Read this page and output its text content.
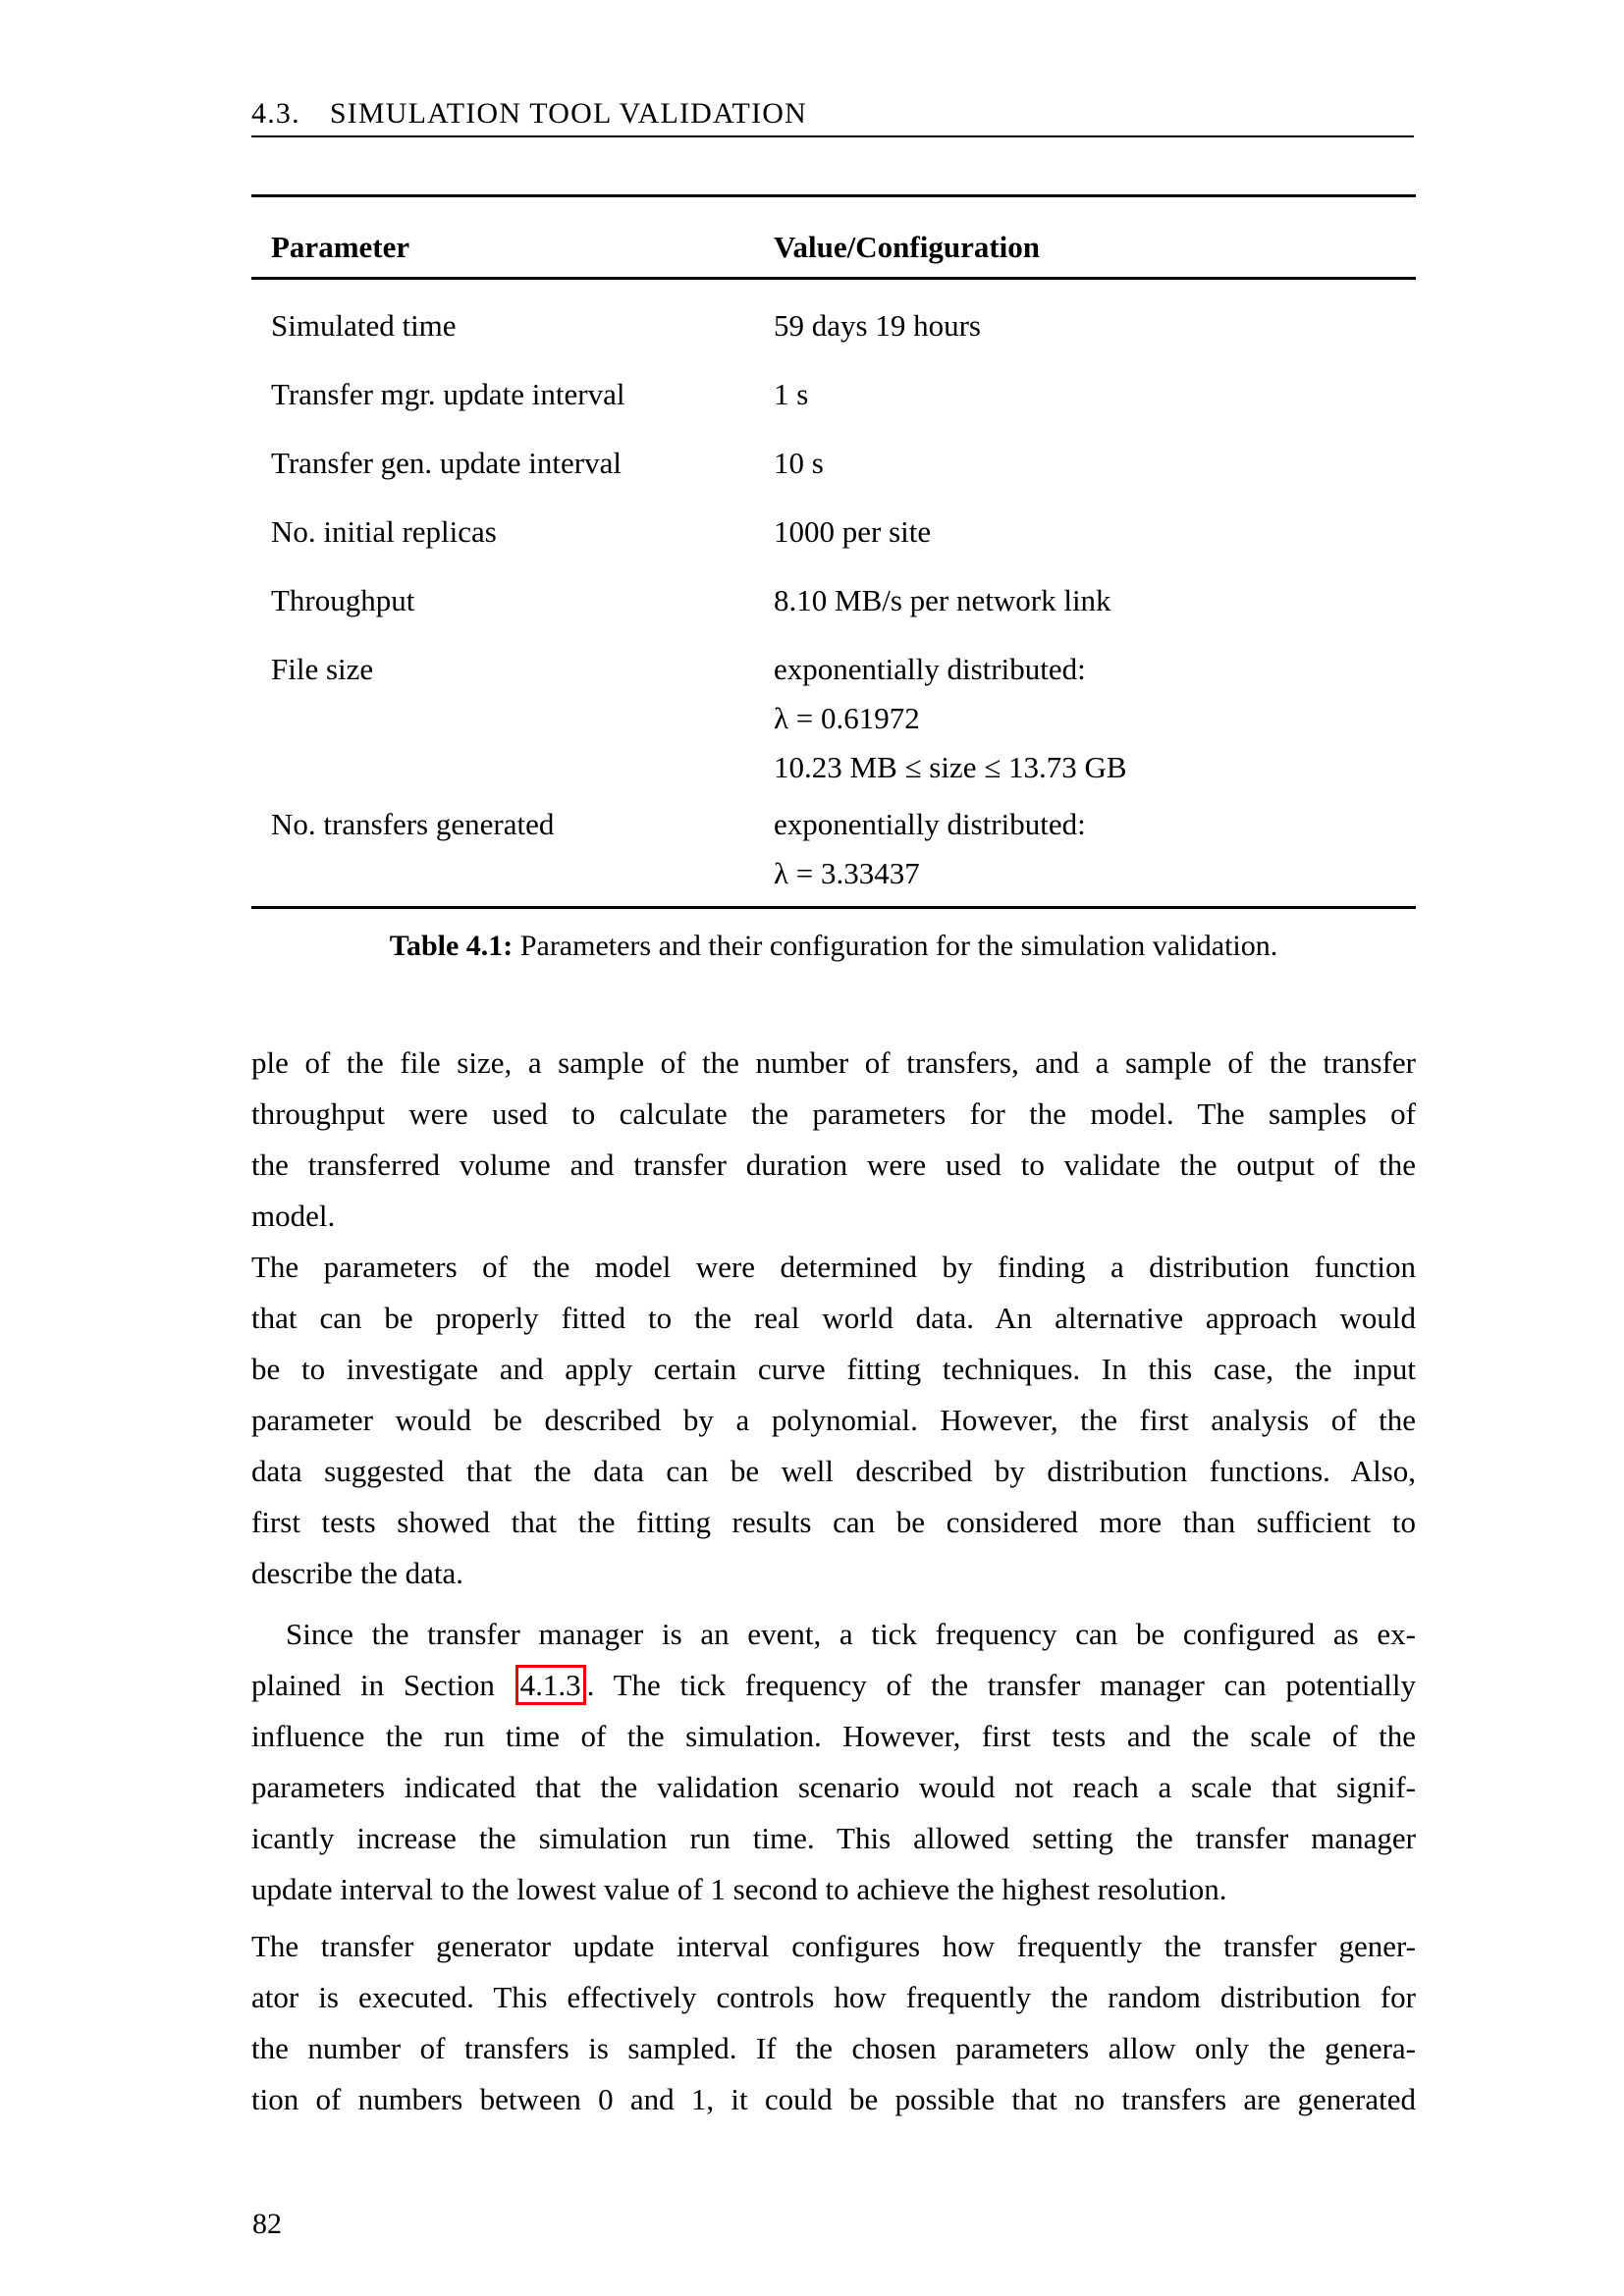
4.3. SIMULATION TOOL VALIDATION
Parameter	Value/Configuration
Simulated time	59 days 19 hours
Transfer mgr. update interval	1 s
Transfer gen. update interval	10 s
No. initial replicas	1000 per site
Throughput	8.10 MB/s per network link
File size	exponentially distributed:
λ = 0.61972
10.23 MB ≤ size ≤ 13.73 GB
No. transfers generated	exponentially distributed:
λ = 3.33437
Table 4.1: Parameters and their configuration for the simulation validation.
ple of the file size, a sample of the number of transfers, and a sample of the transfer
throughput were used to calculate the parameters for the model. The samples of
the transferred volume and transfer duration were used to validate the output of the
model.
The parameters of the model were determined by finding a distribution function
that can be properly fitted to the real world data. An alternative approach would
be to investigate and apply certain curve fitting techniques. In this case, the input
parameter would be described by a polynomial. However, the first analysis of the
data suggested that the data can be well described by distribution functions. Also,
first tests showed that the fitting results can be considered more than sufficient to
describe the data.
Since the transfer manager is an event, a tick frequency can be configured as ex-
plained in Section 4.1.3 . The tick frequency of the transfer manager can potentially
influence the run time of the simulation. However, first tests and the scale of the
parameters indicated that the validation scenario would not reach a scale that signif-
icantly increase the simulation run time. This allowed setting the transfer manager
update interval to the lowest value of 1 second to achieve the highest resolution.
The transfer generator update interval configures how frequently the transfer gener-
ator is executed. This effectively controls how frequently the random distribution for
the number of transfers is sampled. If the chosen parameters allow only the genera-
tion of numbers between 0 and 1, it could be possible that no transfers are generated
82
